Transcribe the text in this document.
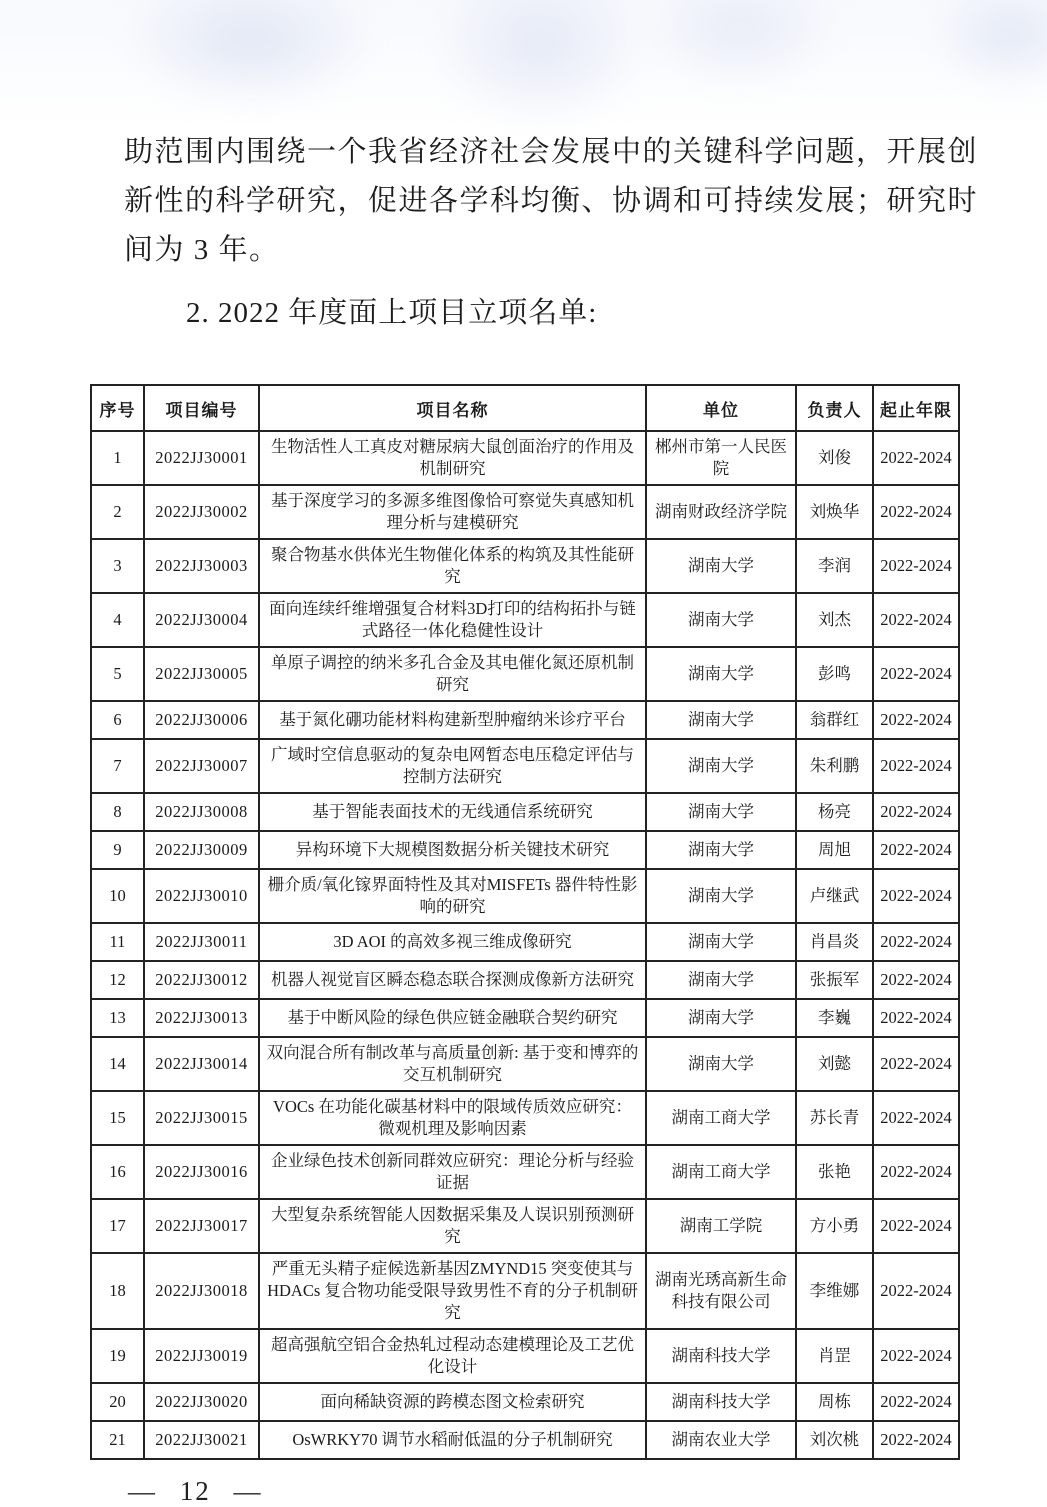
助范围内围绕一个我省经济社会发展中的关键科学问题，开展创
新性的科学研究，促进各学科均衡、协调和可持续发展；研究时
间为 3 年。
2. 2022 年度面上项目立项名单:
序号	项目编号	项目名称	单位	负责人	起止年限
1	2022JJ30001	生物活性人工真皮对糖尿病大鼠创面治疗的作用及机制研究	郴州市第一人民医院	刘俊	2022-2024
2	2022JJ30002	基于深度学习的多源多维图像恰可察觉失真感知机理分析与建模研究	湖南财政经济学院	刘焕华	2022-2024
3	2022JJ30003	聚合物基水供体光生物催化体系的构筑及其性能研究	湖南大学	李润	2022-2024
4	2022JJ30004	面向连续纤维增强复合材料3D打印的结构拓扑与链式路径一体化稳健性设计	湖南大学	刘杰	2022-2024
5	2022JJ30005	单原子调控的纳米多孔合金及其电催化氮还原机制研究	湖南大学	彭鸣	2022-2024
6	2022JJ30006	基于氮化硼功能材料构建新型肿瘤纳米诊疗平台	湖南大学	翁群红	2022-2024
7	2022JJ30007	广域时空信息驱动的复杂电网暂态电压稳定评估与控制方法研究	湖南大学	朱利鹏	2022-2024
8	2022JJ30008	基于智能表面技术的无线通信系统研究	湖南大学	杨亮	2022-2024
9	2022JJ30009	异构环境下大规模图数据分析关键技术研究	湖南大学	周旭	2022-2024
10	2022JJ30010	栅介质/氧化镓界面特性及其对MISFETs 器件特性影响的研究	湖南大学	卢继武	2022-2024
11	2022JJ30011	3D AOI 的高效多视三维成像研究	湖南大学	肖昌炎	2022-2024
12	2022JJ30012	机器人视觉盲区瞬态稳态联合探测成像新方法研究	湖南大学	张振军	2022-2024
13	2022JJ30013	基于中断风险的绿色供应链金融联合契约研究	湖南大学	李巍	2022-2024
14	2022JJ30014	双向混合所有制改革与高质量创新: 基于变和博弈的交互机制研究	湖南大学	刘懿	2022-2024
15	2022JJ30015	VOCs 在功能化碳基材料中的限域传质效应研究：微观机理及影响因素	湖南工商大学	苏长青	2022-2024
16	2022JJ30016	企业绿色技术创新同群效应研究：理论分析与经验证据	湖南工商大学	张艳	2022-2024
17	2022JJ30017	大型复杂系统智能人因数据采集及人误识别预测研究	湖南工学院	方小勇	2022-2024
18	2022JJ30018	严重无头精子症候选新基因ZMYND15 突变使其与HDACs 复合物功能受限导致男性不育的分子机制研究	湖南光琇高新生命科技有限公司	李维娜	2022-2024
19	2022JJ30019	超高强航空铝合金热轧过程动态建模理论及工艺优化设计	湖南科技大学	肖罡	2022-2024
20	2022JJ30020	面向稀缺资源的跨模态图文检索研究	湖南科技大学	周栋	2022-2024
21	2022JJ30021	OsWRKY70 调节水稻耐低温的分子机制研究	湖南农业大学	刘次桃	2022-2024
— 12 —
